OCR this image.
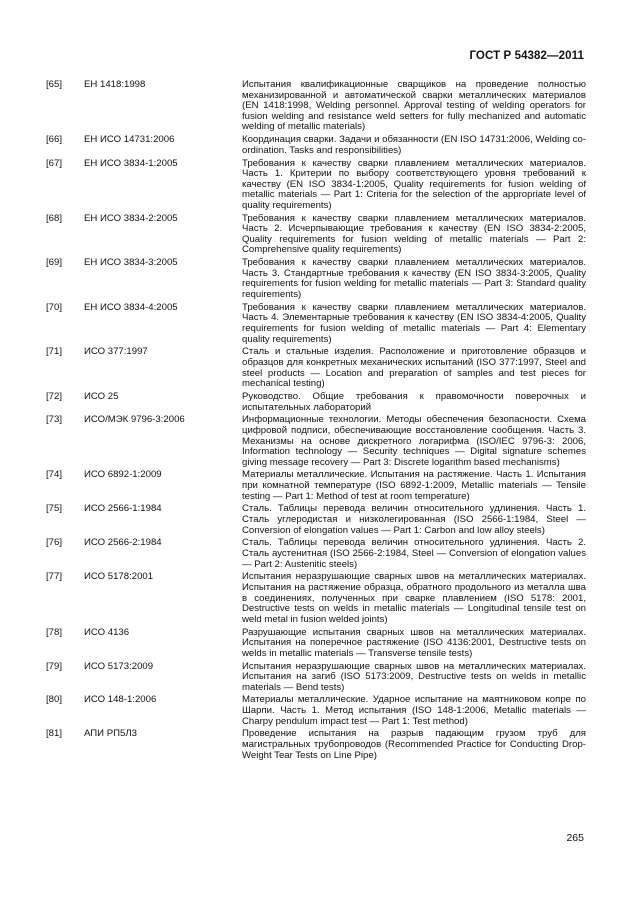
ГОСТ Р 54382—2011
[65]	ЕН 1418:1998	Испытания квалификационные сварщиков на проведение полностью механизированной и автоматической сварки металлических материалов (EN 1418:1998, Welding personnel. Approval testing of welding operators for fusion welding and resistance weld setters for fully mechanized and automatic welding of metallic materials)
[66]	ЕН ИСО 14731:2006	Координация сварки. Задачи и обязанности (EN ISO 14731:2006, Welding co-ordination. Tasks and responsibilities)
[67]	ЕН ИСО 3834-1:2005	Требования к качеству сварки плавлением металлических материалов. Часть 1. Критерии по выбору соответствующего уровня требований к качеству (EN ISO 3834-1:2005, Quality requirements for fusion welding of metallic materials — Part 1: Criteria for the selection of the appropriate level of quality requirements)
[68]	ЕН ИСО 3834-2:2005	Требования к качеству сварки плавлением металлических материалов. Часть 2. Исчерпывающие требования к качеству (EN ISO 3834-2:2005, Quality requirements for fusion welding of metallic materials — Part 2: Comprehensive quality requirements)
[69]	ЕН ИСО 3834-3:2005	Требования к качеству сварки плавлением металлических материалов. Часть 3. Стандартные требования к качеству (EN ISO 3834-3:2005, Quality requirements for fusion welding for metallic materials — Part 3: Standard quality requirements)
[70]	ЕН ИСО 3834-4:2005	Требования к качеству сварки плавлением металлических материалов. Часть 4. Элементарные требования к качеству (EN ISO 3834-4:2005, Quality requirements for fusion welding of metallic materials — Part 4: Elementary quality requirements)
[71]	ИСО 377:1997	Сталь и стальные изделия. Расположение и приготовление образцов и образцов для конкретных механических испытаний (ISO 377:1997, Steel and steel products — Location and preparation of samples and test pieces for mechanical testing)
[72]	ИСО 25	Руководство. Общие требования к правомочности поверочных и испытательных лабораторий
[73]	ИСО/МЭК 9796-3:2006	Информационные технологии. Методы обеспечения безопасности. Схема цифровой подписи, обеспечивающие восстановление сообщения. Часть 3. Механизмы на основе дискретного логарифма (ISO/IEC 9796-3: 2006, Information technology — Security techniques — Digital signature schemes giving message recovery — Part 3: Discrete logarithm based mechanisms)
[74]	ИСО 6892-1:2009	Материалы металлические. Испытания на растяжение. Часть 1. Испытания при комнатной температуре (ISO 6892-1:2009, Metallic materials — Tensile testing — Part 1: Method of test at room temperature)
[75]	ИСО 2566-1:1984	Сталь. Таблицы перевода величин относительного удлинения. Часть 1. Сталь углеродистая и низколегированная (ISO 2566-1:1984, Steel — Conversion of elongation values — Part 1: Carbon and low alloy steels)
[76]	ИСО 2566-2:1984	Сталь. Таблицы перевода величин относительного удлинения. Часть 2. Сталь аустенитная (ISO 2566-2:1984, Steel — Conversion of elongation values — Part 2: Austenitic steels)
[77]	ИСО 5178:2001	Испытания неразрушающие сварных швов на металлических материалах. Испытания на растяжение образца, обратного продольного из металла шва в соединениях, полученных при сварке плавлением (ISO 5178: 2001, Destructive tests on welds in metallic materials — Longitudinal tensile test on weld metal in fusion welded joints)
[78]	ИСО 4136	Разрушающие испытания сварных швов на металлических материалах. Испытания на поперечное растяжение (ISO 4136:2001, Destructive tests on welds in metallic materials — Transverse tensile tests)
[79]	ИСО 5173:2009	Испытания неразрушающие сварных швов на металлических материалах. Испытания на загиб (ISO 5173:2009, Destructive tests on welds in metallic materials — Bend tests)
[80]	ИСО 148-1:2006	Материалы металлические. Ударное испытание на маятниковом копре по Шарпи. Часть 1. Метод испытания (ISO 148-1:2006, Metallic materials — Charpy pendulum impact test — Part 1: Test method)
[81]	АПИ РП5Л3	Проведение испытания на разрыв падающим грузом труб для магистральных трубопроводов (Recommended Practice for Conducting Drop-Weight Tear Tests on Line Pipe)
265
